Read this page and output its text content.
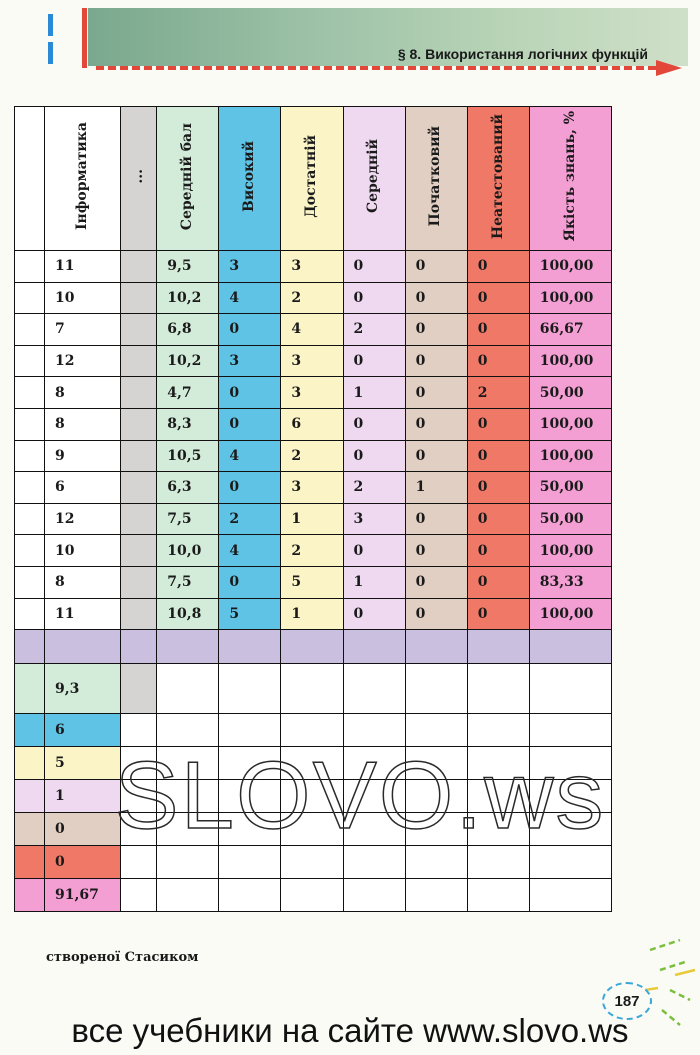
§ 8. Використання логічних функцій
	Інформатика	...	Середній бал	Високий	Достатній	Середній	Початковий	Неатестований	Якість знань, %
	11		9,5	3	3	0	0	0	100,00
	10		10,2	4	2	0	0	0	100,00
	7		6,8	0	4	2	0	0	66,67
	12		10,2	3	3	0	0	0	100,00
	8		4,7	0	3	1	0	2	50,00
	8		8,3	0	6	0	0	0	100,00
	9		10,5	4	2	0	0	0	100,00
	6		6,3	0	3	2	1	0	50,00
	12		7,5	2	1	3	0	0	50,00
	10		10,0	4	2	0	0	0	100,00
	8		7,5	0	5	1	0	0	83,33
	11		10,8	5	1	0	0	0	100,00

	9,3								
	6								
	5								
	1								
	0								
	0								
	91,67								
створеної Стасиком
187
все учебники на сайте www.slovo.ws
